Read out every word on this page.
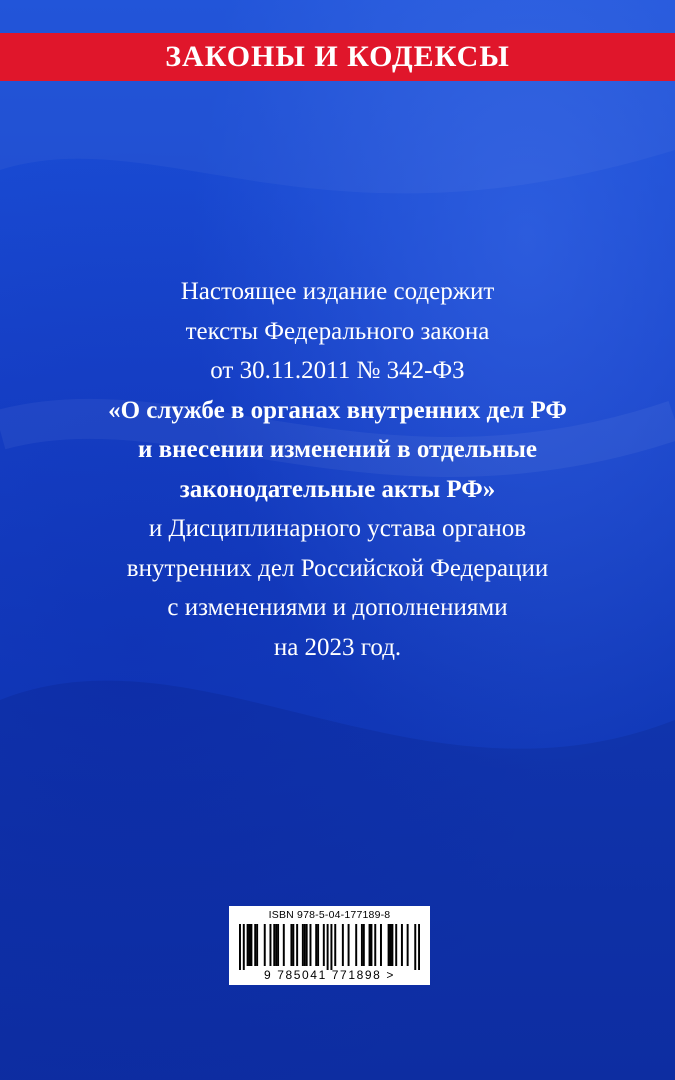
ЗАКОНЫ И КОДЕКСЫ
Настоящее издание содержит
тексты Федерального закона
от 30.11.2011 № 342-ФЗ
«О службе в органах внутренних дел РФ
и внесении изменений в отдельные
законодательные акты РФ»
и Дисциплинарного устава органов
внутренних дел Российской Федерации
с изменениями и дополнениями
на 2023 год.
ISBN 978-5-04-177189-8
9 785041 771898 >
